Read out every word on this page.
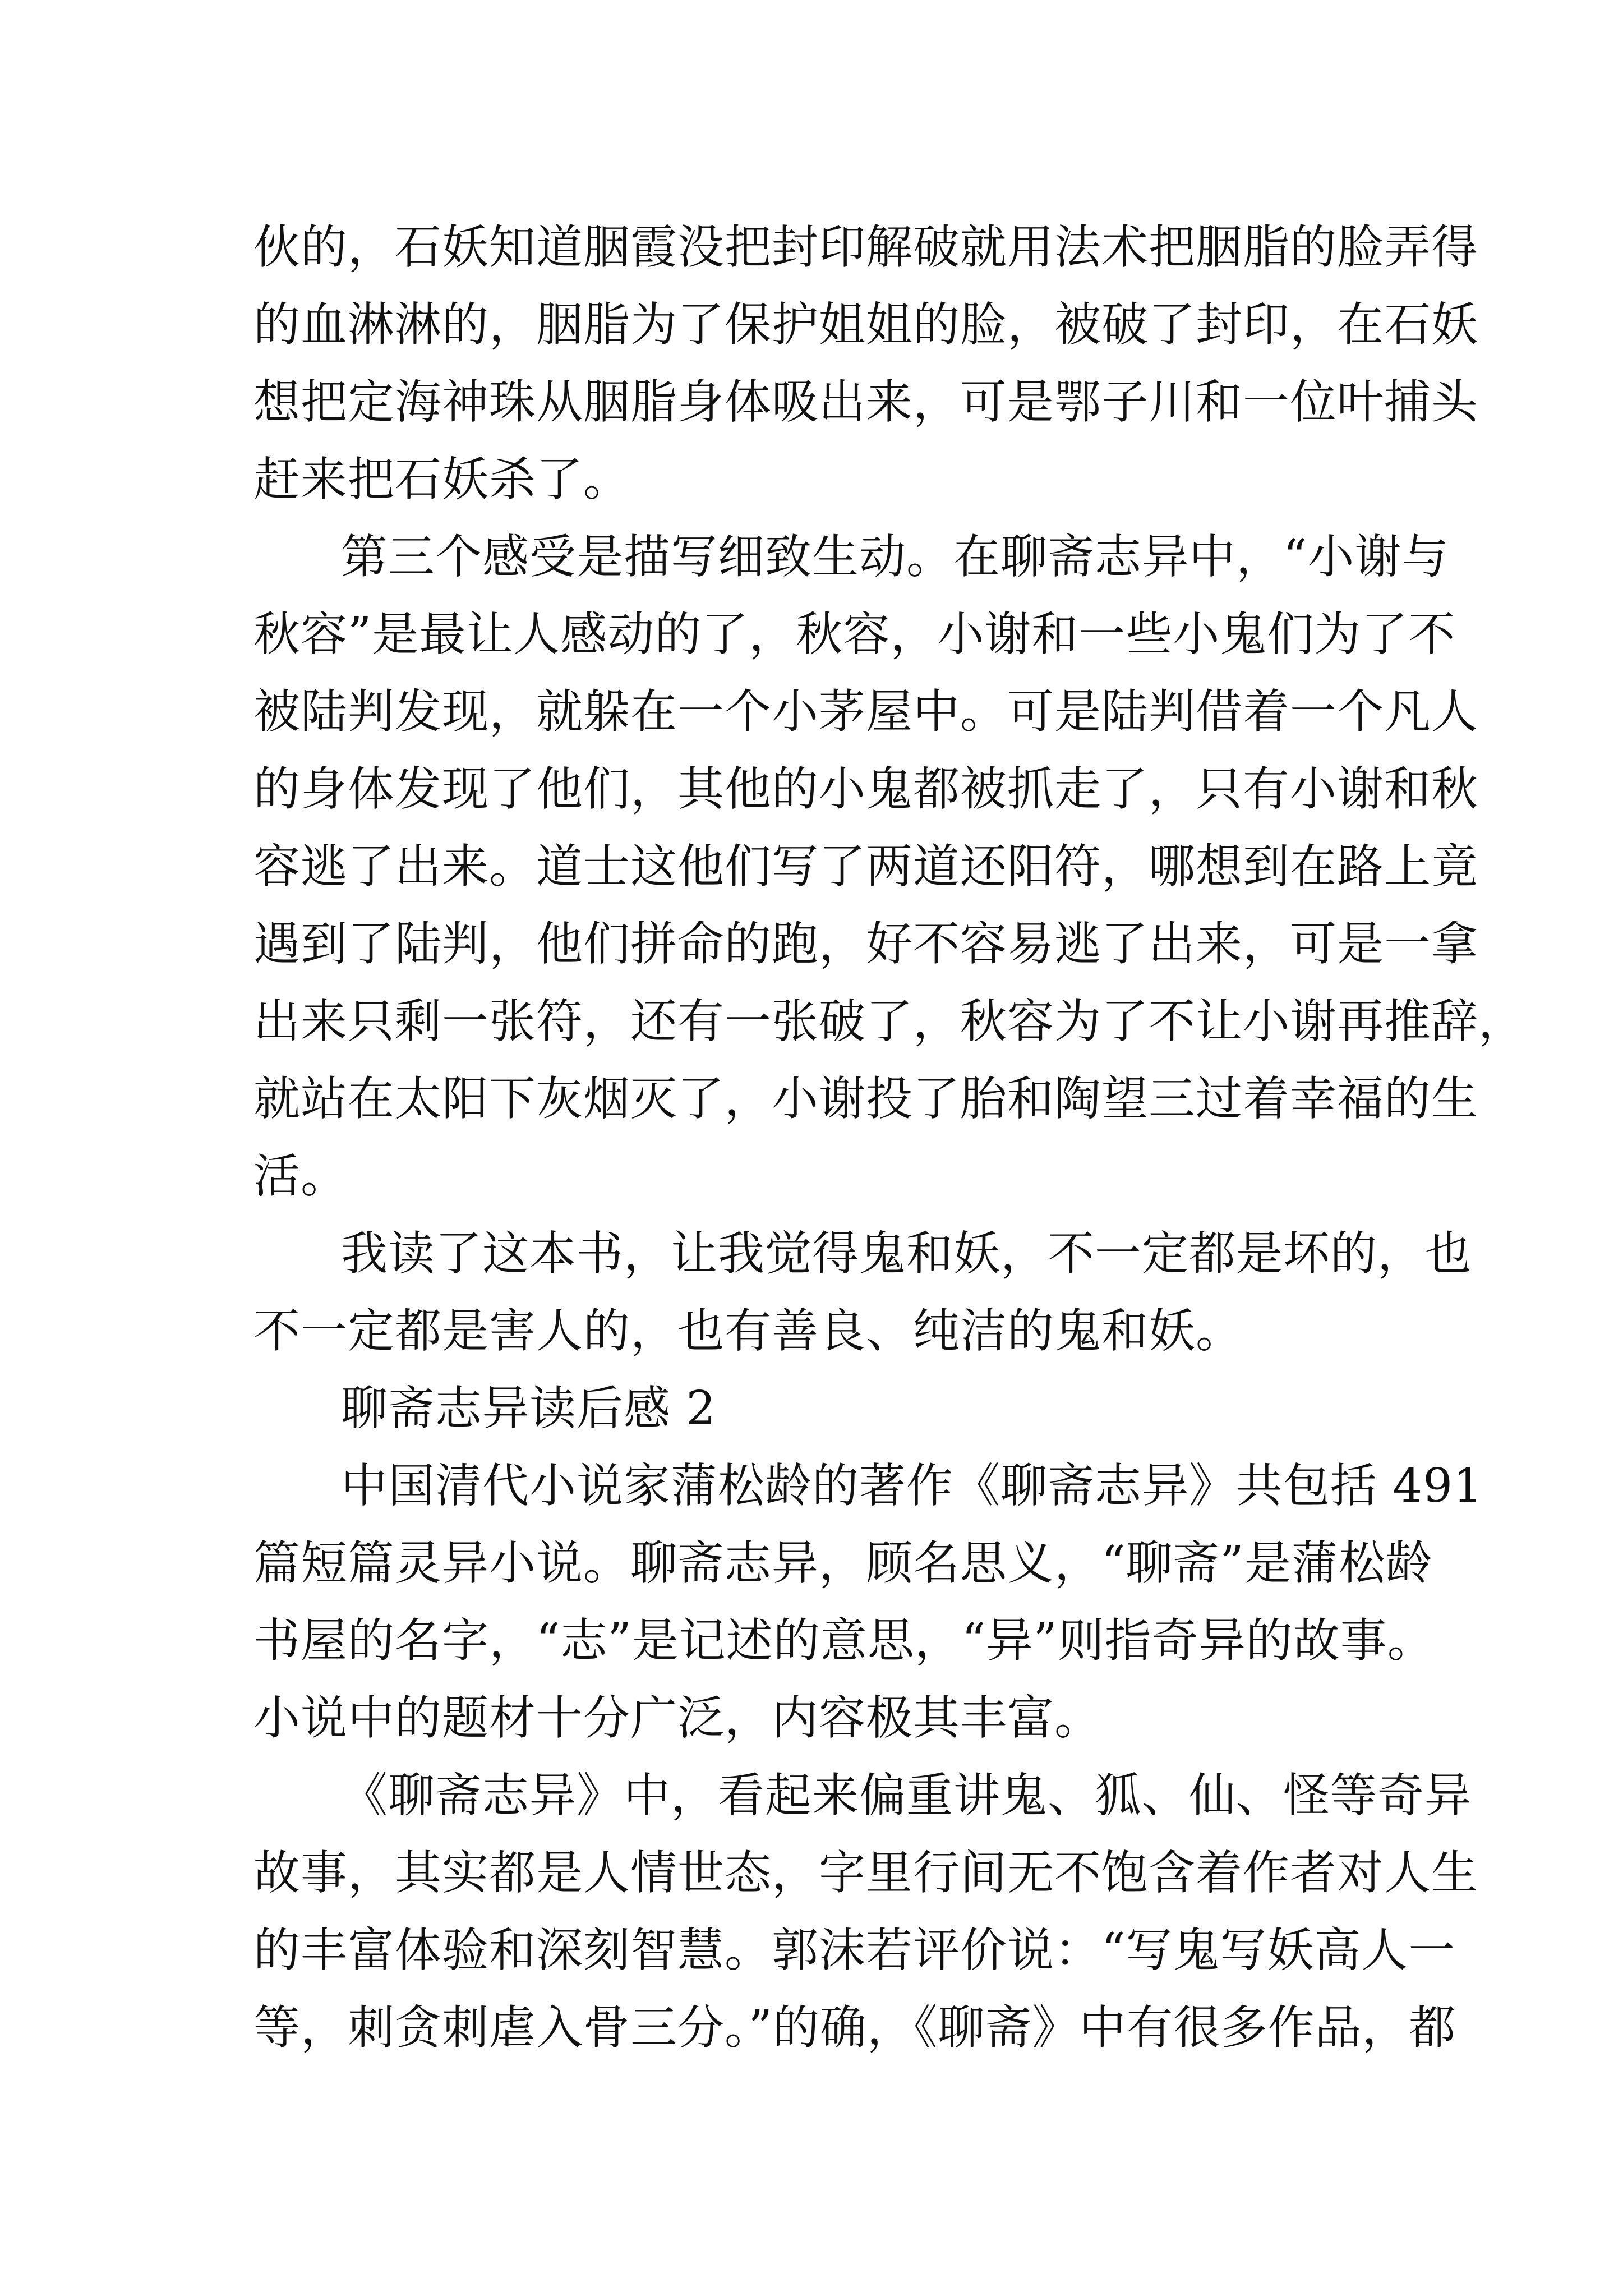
伙的，石妖知道胭霞没把封印解破就用法术把胭脂的脸弄得
的血淋淋的，胭脂为了保护姐姐的脸，被破了封印，在石妖
想把定海神珠从胭脂身体吸出来，可是鄂子川和一位叶捕头
赶来把石妖杀了。
第三个感受是描写细致生动。在聊斋志异中，“小谢与
秋容”是最让人感动的了，秋容，小谢和一些小鬼们为了不
被陆判发现，就躲在一个小茅屋中。可是陆判借着一个凡人
的身体发现了他们，其他的小鬼都被抓走了，只有小谢和秋
容逃了出来。道士这他们写了两道还阳符，哪想到在路上竟
遇到了陆判，他们拼命的跑，好不容易逃了出来，可是一拿
出来只剩一张符，还有一张破了，秋容为了不让小谢再推辞，
就站在太阳下灰烟灭了，小谢投了胎和陶望三过着幸福的生
活。
我读了这本书，让我觉得鬼和妖，不一定都是坏的，也
不一定都是害人的，也有善良、纯洁的鬼和妖。
聊斋志异读后感 2
中国清代小说家蒲松龄的著作《聊斋志异》共包括 491
篇短篇灵异小说。聊斋志异，顾名思义，“聊斋”是蒲松龄
书屋的名字，“志”是记述的意思，“异”则指奇异的故事。
小说中的题材十分广泛，内容极其丰富。
《聊斋志异》中，看起来偏重讲鬼、狐、仙、怪等奇异
故事，其实都是人情世态，字里行间无不饱含着作者对人生
的丰富体验和深刻智慧。郭沫若评价说：“写鬼写妖高人一
等，刺贪刺虐入骨三分。”的确，《聊斋》中有很多作品，都
